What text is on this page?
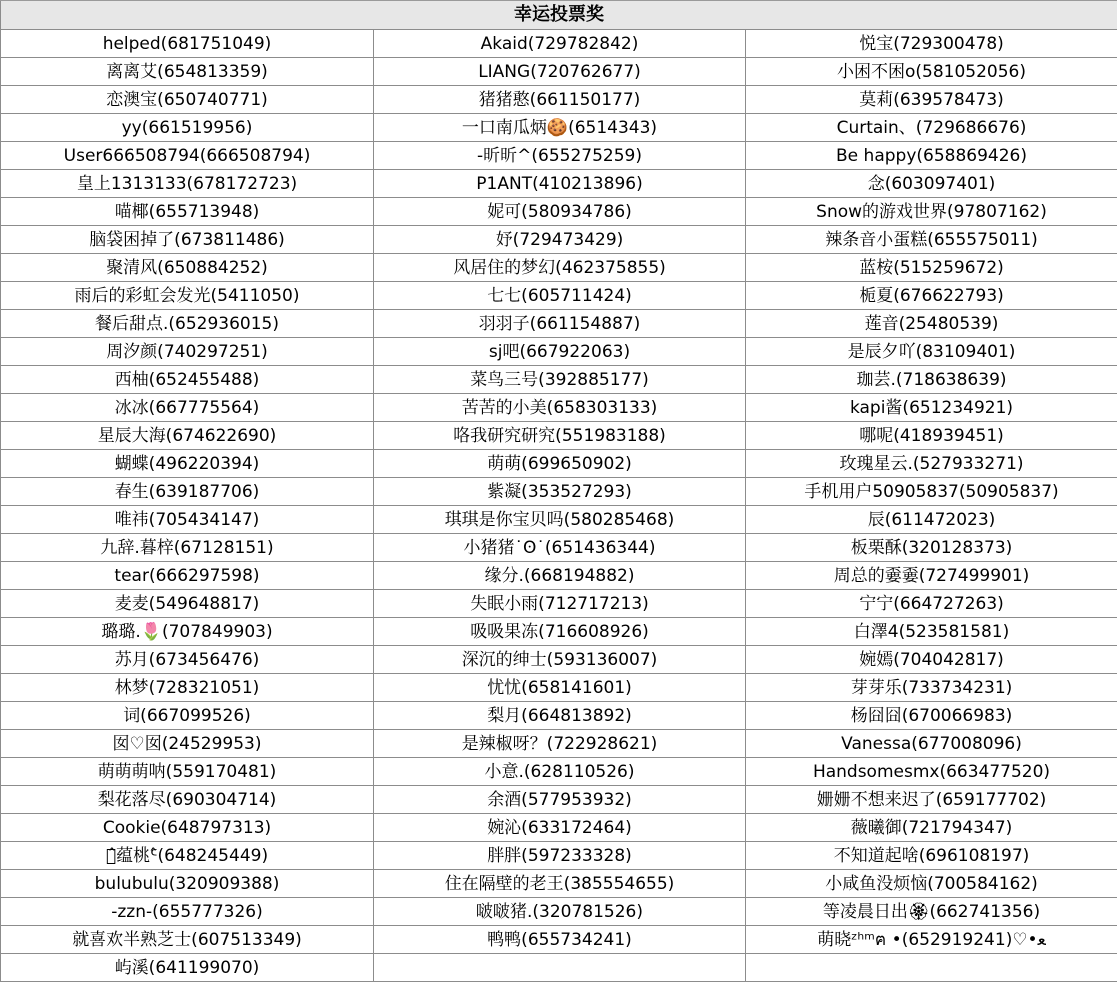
幸运投票奖		
helped(681751049)	Akaid(729782842)	悦宝(729300478)
离离艾(654813359)	LIANG(720762677)	小困不困o(581052056)
恋澳宝(650740771)	猪猪憨(661150177)	莫莉(639578473)
yy(661519956)	一口南瓜炳🍪(6514343)	Curtain、(729686676)
User666508794(666508794)	-昕昕^(655275259)	Be happy(658869426)
皇上1313133(678172723)	P1ANT(410213896)	念(603097401)
喵椰(655713948)	妮可(580934786)	Snow的游戏世界(97807162)
脑袋困掉了(673811486)	妤(729473429)	辣条音小蛋糕(655575011)
聚清风(650884252)	风居住的梦幻(462375855)	蓝桉(515259672)
雨后的彩虹会发光(5411050)	七七(605711424)	栀夏(676622793)
餐后甜点.(652936015)	羽羽子(661154887)	莲音(25480539)
周汐颜(740297251)	sj吧(667922063)	是辰夕吖(83109401)
西柚(652455488)	菜鸟三号(392885177)	珈芸.(718638639)
冰冰(667775564)	苦苦的小美(658303133)	kapi酱(651234921)
星辰大海(674622690)	咯我研究研究(551983188)	哪呢(418939451)
蝴蝶(496220394)	萌萌(699650902)	玫瑰星云.(527933271)
春生(639187706)	紫凝(353527293)	手机用户50905837(50905837)
唯祎(705434147)	琪琪是你宝贝吗(580285468)	辰(611472023)
九辞.暮梓(67128151)	小猪猪˙ʘ˙(651436344)	板栗酥(320128373)
tear(666297598)	缘分.(668194882)	周总的嫑嫑(727499901)
麦麦(549648817)	失眠小雨(712717213)	宁宁(664727263)
璐璐.🌷(707849903)	吸吸果冻(716608926)	白澤4(523581581)
苏月(673456476)	深沉的绅士(593136007)	婉嫣(704042817)
林梦(728321051)	忧忧(658141601)	芽芽乐(733734231)
词(667099526)	梨月(664813892)	杨囧囧(670066983)
囡♡囡(24529953)	是辣椒呀？(722928621)	Vanessa(677008096)
萌萌萌呐(559170481)	小意.(628110526)	Handsomesmx(663477520)
梨花落尽(690304714)	余酒(577953932)	姗姗不想来迟了(659177702)
Cookie(648797313)	婉沁(633172464)	薇曦御(721794347)
ฅ̂蕴桃ᑦ̂(648245449)	胖胖(597233328)	不知道起啥(696108197)
bulubulu(320909388)	住在隔壁的老王(385554655)	小咸鱼没烦恼(700584162)
-zzn-(655777326)	啵啵猪.(320781526)	等凌晨日出🏵(662741356)
就喜欢半熟芝士(607513349)	鸭鸭(655734241)	萌晓ᶻʰᵐฅ •ﻌ•♡(652919241)
屿溪(641199070)		
